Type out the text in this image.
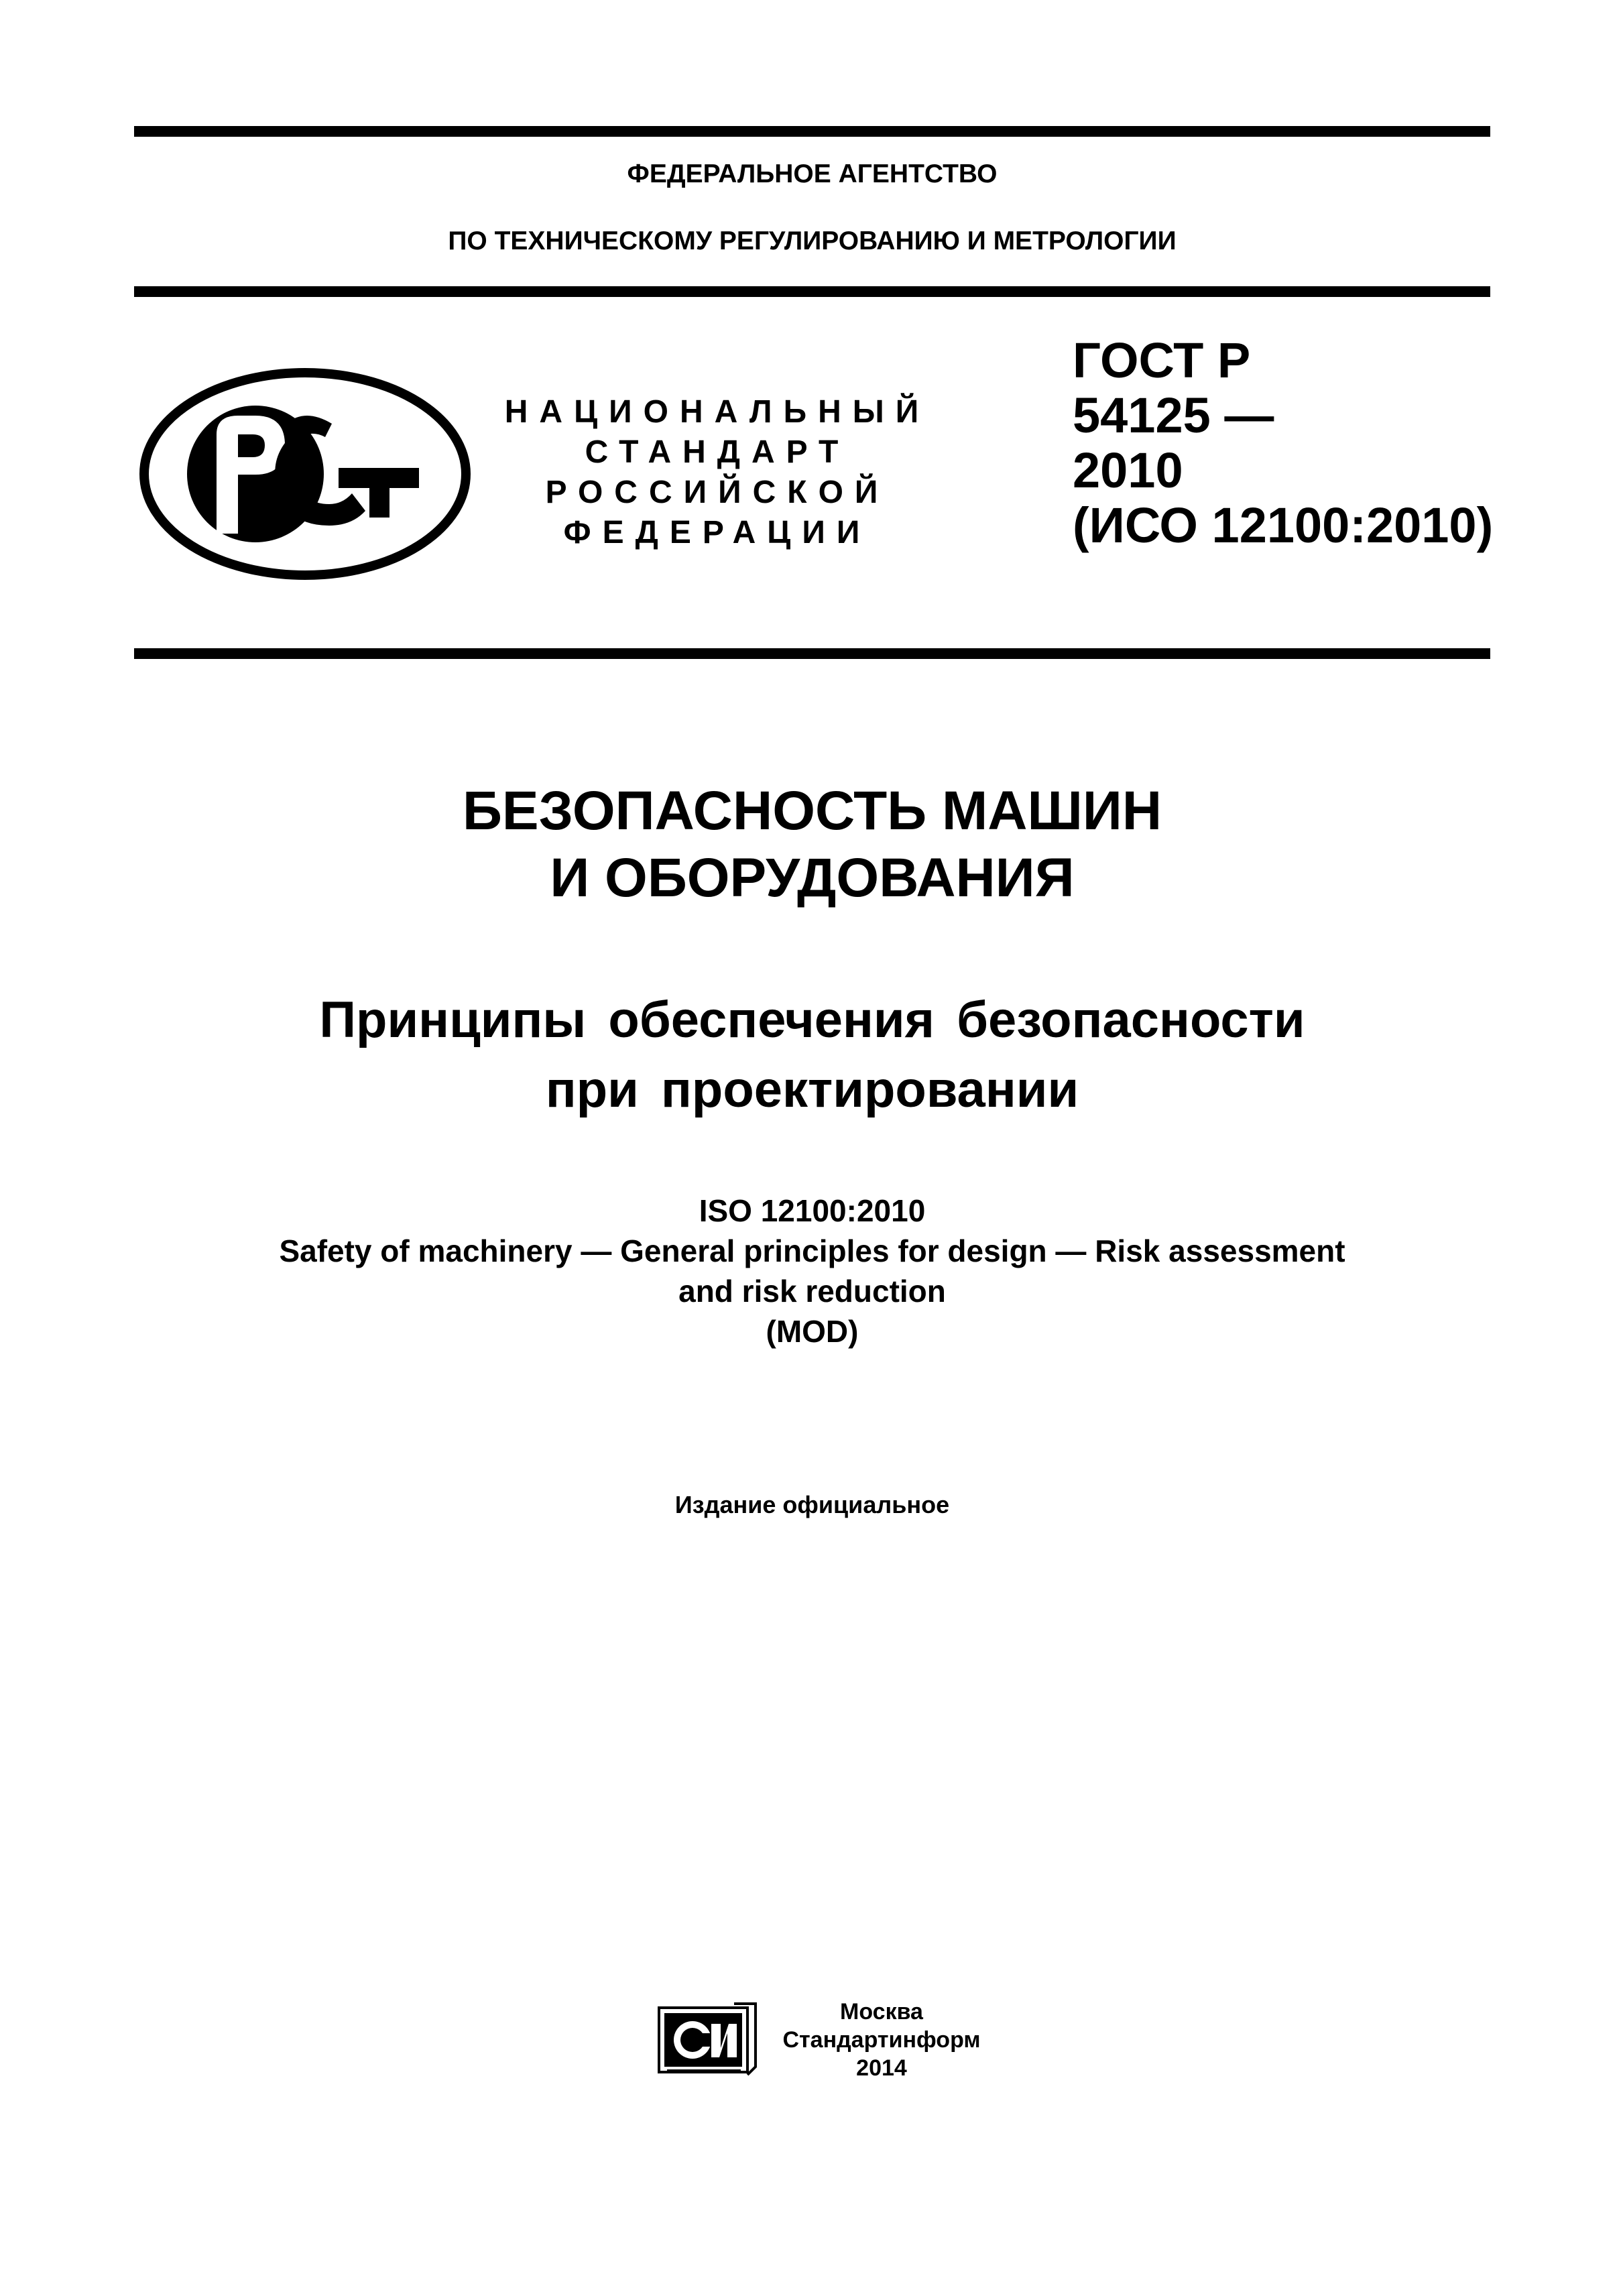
ФЕДЕРАЛЬНОЕ АГЕНТСТВО
ПО ТЕХНИЧЕСКОМУ РЕГУЛИРОВАНИЮ И МЕТРОЛОГИИ
НАЦИОНАЛЬНЫЙ
СТАНДАРТ
РОССИЙСКОЙ
ФЕДЕРАЦИИ
ГОСТ Р
54125 —
2010
(ИСО 12100:2010)
БЕЗОПАСНОСТЬ МАШИН
И ОБОРУДОВАНИЯ
Принципы обеспечения безопасности
при проектировании
ISO 12100:2010
Safety of machinery — General principles for design — Risk assessment
and risk reduction
(MOD)
Издание официальное
Москва
Стандартинформ
2014
